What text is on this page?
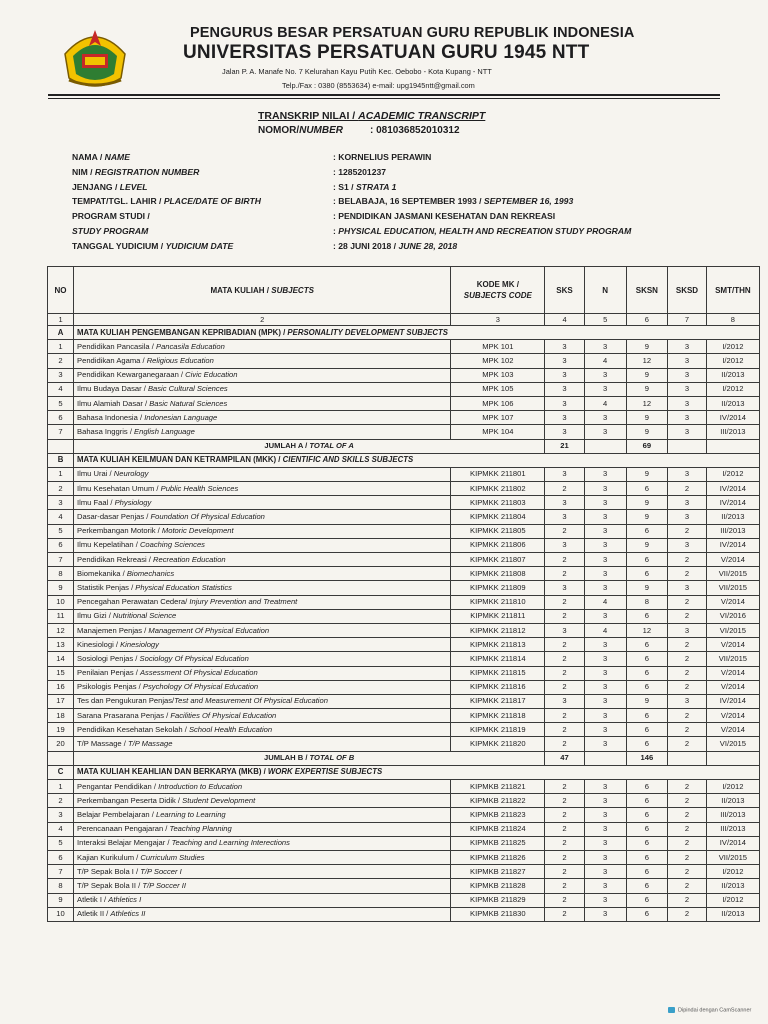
PENGURUS BESAR PERSATUAN GURU REPUBLIK INDONESIA
UNIVERSITAS PERSATUAN GURU 1945 NTT
Jalan P. A. Manafe No. 7 Kelurahan Kayu Putih Kec. Oebobo - Kota Kupang - NTT
Telp./Fax : 0380 (8553634) e-mail: upg1945ntt@gmail.com
TRANSKRIP NILAI / ACADEMIC TRANSCRIPT
NOMOR/NUMBER	: 081036852010312
NAMA / NAME	: KORNELIUS PERAWIN
NIM / REGISTRATION NUMBER	: 1285201237
JENJANG / LEVEL	: S1 / STRATA 1
TEMPAT/TGL. LAHIR / PLACE/DATE OF BIRTH	: BELABAJA, 16 SEPTEMBER 1993 / SEPTEMBER 16, 1993
PROGRAM STUDI /	: PENDIDIKAN JASMANI KESEHATAN DAN REKREASI
STUDY PROGRAM	: PHYSICAL EDUCATION, HEALTH AND RECREATION STUDY PROGRAM
TANGGAL YUDICIUM / YUDICIUM DATE	: 28 JUNI 2018 / JUNE 28, 2018
NO	MATA KULIAH / SUBJECTS	KODE MK /
SUBJECTS CODE	SKS	N	SKSN	SKSD	SMT/THN
1	2	3	4	5	6	7	8
A	MATA KULIAH PENGEMBANGAN KEPRIBADIAN (MPK) / PERSONALITY DEVELOPMENT SUBJECTS						
1	Pendidikan Pancasila / Pancasila Education	MPK 101	3	3	9	3	I/2012
2	Pendidikan Agama / Religious Education	MPK 102	3	4	12	3	I/2012
3	Pendidikan Kewarganegaraan / Civic Education	MPK 103	3	3	9	3	II/2013
4	Ilmu Budaya Dasar / Basic Cultural Sciences	MPK 105	3	3	9	3	I/2012
5	Ilmu Alamiah Dasar / Basic Natural Sciences	MPK 106	3	4	12	3	II/2013
6	Bahasa Indonesia / Indonesian Language	MPK 107	3	3	9	3	IV/2014
7	Bahasa Inggris / English Language	MPK 104	3	3	9	3	III/2013
	JUMLAH A / TOTAL OF A		21		69		
B	MATA KULIAH KEILMUAN DAN KETRAMPILAN (MKK) / CIENTIFIC AND SKILLS SUBJECTS						
1	Ilmu Urai / Neurology	KIPMKK 211801	3	3	9	3	I/2012
2	Ilmu Kesehatan Umum / Public Health Sciences	KIPMKK 211802	2	3	6	2	IV/2014
3	Ilmu Faal / Physiology	KIPMKK 211803	3	3	9	3	IV/2014
4	Dasar-dasar Penjas / Foundation Of Physical Education	KIPMKK 211804	3	3	9	3	II/2013
5	Perkembangan Motorik / Motoric Development	KIPMKK 211805	2	3	6	2	III/2013
6	Ilmu Kepelatihan / Coaching Sciences	KIPMKK 211806	3	3	9	3	IV/2014
7	Pendidikan Rekreasi / Recreation Education	KIPMKK 211807	2	3	6	2	V/2014
8	Biomekanika / Biomechanics	KIPMKK 211808	2	3	6	2	VII/2015
9	Statistik Penjas / Physical Education Statistics	KIPMKK 211809	3	3	9	3	VII/2015
10	Pencegahan Perawatan Cedera/ Injury Prevention and Treatment	KIPMKK 211810	2	4	8	2	V/2014
11	Ilmu Gizi / Nutritional Science	KIPMKK 211811	2	3	6	2	VI/2016
12	Manajemen Penjas / Management Of Physical Education	KIPMKK 211812	3	4	12	3	VI/2015
13	Kinesiologi / Kinesiology	KIPMKK 211813	2	3	6	2	V/2014
14	Sosiologi Penjas / Sociology Of Physical Education	KIPMKK 211814	2	3	6	2	VII/2015
15	Penilaian Penjas / Assessment Of Physical Education	KIPMKK 211815	2	3	6	2	V/2014
16	Psikologis Penjas / Psychology Of Physical Education	KIPMKK 211816	2	3	6	2	V/2014
17	Tes dan Pengukuran Penjas/Test and Measurement Of Physical Education	KIPMKK 211817	3	3	9	3	IV/2014
18	Sarana Prasarana Penjas / Facilities Of Physical Education	KIPMKK 211818	2	3	6	2	V/2014
19	Pendidikan Kesehatan Sekolah / School Health Education	KIPMKK 211819	2	3	6	2	V/2014
20	T/P Massage / T/P Massage	KIPMKK 211820	2	3	6	2	VI/2015
	JUMLAH B / TOTAL OF B		47		146		
C	MATA KULIAH KEAHLIAN DAN BERKARYA (MKB) / WORK EXPERTISE SUBJECTS						
1	Pengantar Pendidikan / Introduction to Education	KIPMKB 211821	2	3	6	2	I/2012
2	Perkembangan Peserta Didik / Student Development	KIPMKB 211822	2	3	6	2	II/2013
3	Belajar Pembelajaran / Learning to Learning	KIPMKB 211823	2	3	6	2	III/2013
4	Perencanaan Pengajaran / Teaching Planning	KIPMKB 211824	2	3	6	2	III/2013
5	Interaksi Belajar Mengajar / Teaching and Learning Interections	KIPMKB 211825	2	3	6	2	IV/2014
6	Kajian Kurikulum / Curriculum Studies	KIPMKB 211826	2	3	6	2	VII/2015
7	T/P Sepak Bola I / T/P Soccer I	KIPMKB 211827	2	3	6	2	I/2012
8	T/P Sepak Bola II / T/P Soccer II	KIPMKB 211828	2	3	6	2	II/2013
9	Atletik I / Athletics I	KIPMKB 211829	2	3	6	2	I/2012
10	Atletik II / Athletics II	KIPMKB 211830	2	3	6	2	II/2013
Dipindai dengan CamScanner
